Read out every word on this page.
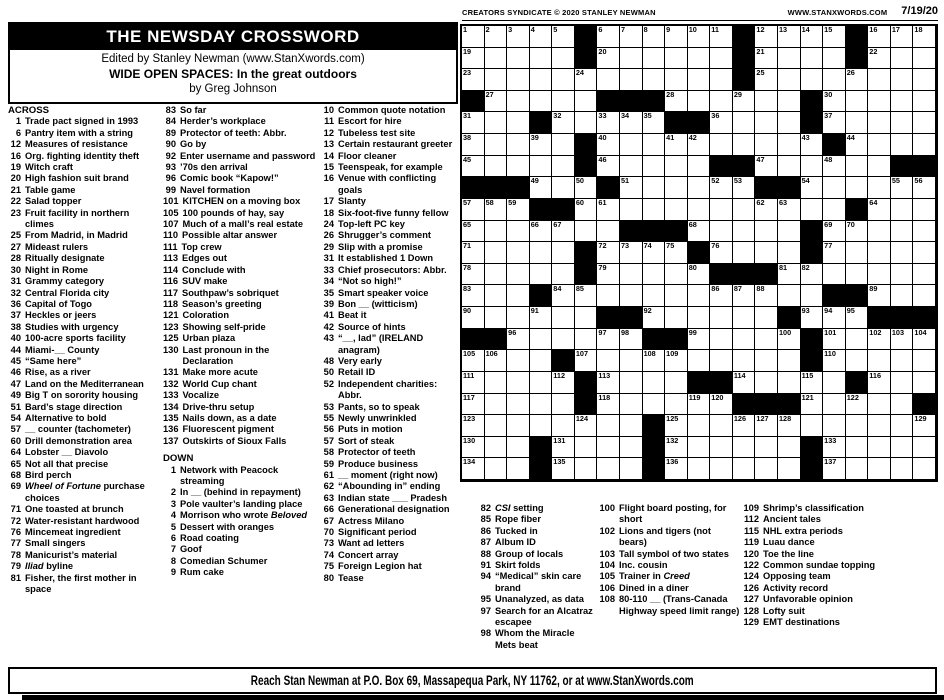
THE NEWSDAY CROSSWORD
Edited by Stanley Newman (www.StanXwords.com)
WIDE OPEN SPACES: In the great outdoors
by Greg Johnson
CREATORS SYNDICATE © 2020 STANLEY NEWMAN	WWW.STANXWORDS.COM 7/19/20
1	2	3	4	5	6	7	8	9	10 11	12 13 14 15	16 17 18
19	20	21	22
23	24	25	26
27	28	29	30
31	32	33 34 35	36	37
38	39	40	41 42	43	44
45	46	47	48
49	50	51	52 53	54	55 56
57 58 59	60 61	62 63	64
65	66 67	68	69 70
71	72 73 74 75	76	77
78	79	80	81 82
83	84 85	86 87 88	89
90	91	92	93 94 95
96	97 98	99	100	101	102 103 104
105 106	107	108 109	110
111	112	113	114	115	116
117	118	119 120	121	122
123	124	125	126 127 128	129
130	131	132	133
134	135	136	137
ACROSS
1 Trade pact signed in 1993
6 Pantry item with a string
12 Measures of resistance
16 Org. fighting identity theft
19 Witch craft
20 High fashion suit brand
21 Table game
22 Salad topper
23 Fruit facility in northern climes
25 From Madrid, in Madrid
27 Mideast rulers
28 Ritually designate
30 Night in Rome
31 Grammy category
32 Central Florida city
36 Capital of Togo
37 Heckles or jeers
38 Studies with urgency
40 100-acre sports facility
44 Miami-__ County
45 “Same here”
46 Rise, as a river
47 Land on the Mediterranean
49 Big T on sorority housing
51 Bard’s stage direction
54 Alternative to bold
57 __ counter (tachometer)
60 Drill demonstration area
64 Lobster __ Diavolo
65 Not all that precise
68 Bird perch
69 Wheel of Fortune purchase choices
71 One toasted at brunch
72 Water-resistant hardwood
76 Mincemeat ingredient
77 Small singers
78 Manicurist’s material
79 Iliad byline
81 Fisher, the first mother in space
83 So far
84 Herder’s workplace
89 Protector of teeth: Abbr.
90 Go by
92 Enter username and password
93 ’70s den arrival
96 Comic book “Kapow!”
99 Navel formation
101 KITCHEN on a moving box
105 100 pounds of hay, say
107 Much of a mall’s real estate
110 Possible altar answer
111 Top crew
113 Edges out
114 Conclude with
116 SUV make
117 Southpaw’s sobriquet
118 Season’s greeting
121 Coloration
123 Showing self-pride
125 Urban plaza
130 Last pronoun in the Declaration
131 Make more acute
132 World Cup chant
133 Vocalize
134 Drive-thru setup
135 Nails down, as a date
136 Fluorescent pigment
137 Outskirts of Sioux Falls
DOWN
1 Network with Peacock streaming
2 In __ (behind in repayment)
3 Pole vaulter’s landing place
4 Morrison who wrote Beloved
5 Dessert with oranges
6 Road coating
7 Goof
8 Comedian Schumer
9 Rum cake
10 Common quote notation
11 Escort for hire
12 Tubeless test site
13 Certain restaurant greeter
14 Floor cleaner
15 Teenspeak, for example
16 Venue with conflicting goals
17 Slanty
18 Six-foot-five funny fellow
24 Top-left PC key
26 Shrugger’s comment
29 Slip with a promise
31 It established 1 Down
33 Chief prosecutors: Abbr.
34 “Not so high!”
35 Smart speaker voice
39 Bon __ (witticism)
41 Beat it
42 Source of hints
43 “__, lad” (IRELAND anagram)
48 Very early
50 Retail ID
52 Independent charities: Abbr.
53 Pants, so to speak
55 Newly unwrinkled
56 Puts in motion
57 Sort of steak
58 Protector of teeth
59 Produce business
61 __ moment (right now)
62 “Abounding in” ending
63 Indian state ___ Pradesh
66 Generational designation
67 Actress Milano
70 Significant period
73 Want ad letters
74 Concert array
75 Foreign Legion hat
80 Tease
82 CSI setting
85 Rope fiber
86 Tucked in
87 Album ID
88 Group of locals
91 Skirt folds
94 “Medical” skin care brand
95 Unanalyzed, as data
97 Search for an Alcatraz escapee
98 Whom the Miracle Mets beat
100 Flight board posting, for short
102 Lions and tigers (not bears)
103 Tall symbol of two states
104 Inc. cousin
105 Trainer in Creed
106 Dined in a diner
108 80-110 __ (Trans-Canada Highway speed limit range)
109 Shrimp’s classification
112 Ancient tales
115 NHL extra periods
119 Luau dance
120 Toe the line
122 Common sundae topping
124 Opposing team
126 Activity record
127 Unfavorable opinion
128 Lofty suit
129 EMT destinations
Reach Stan Newman at P.O. Box 69, Massapequa Park, NY 11762, or at www.StanXwords.com
